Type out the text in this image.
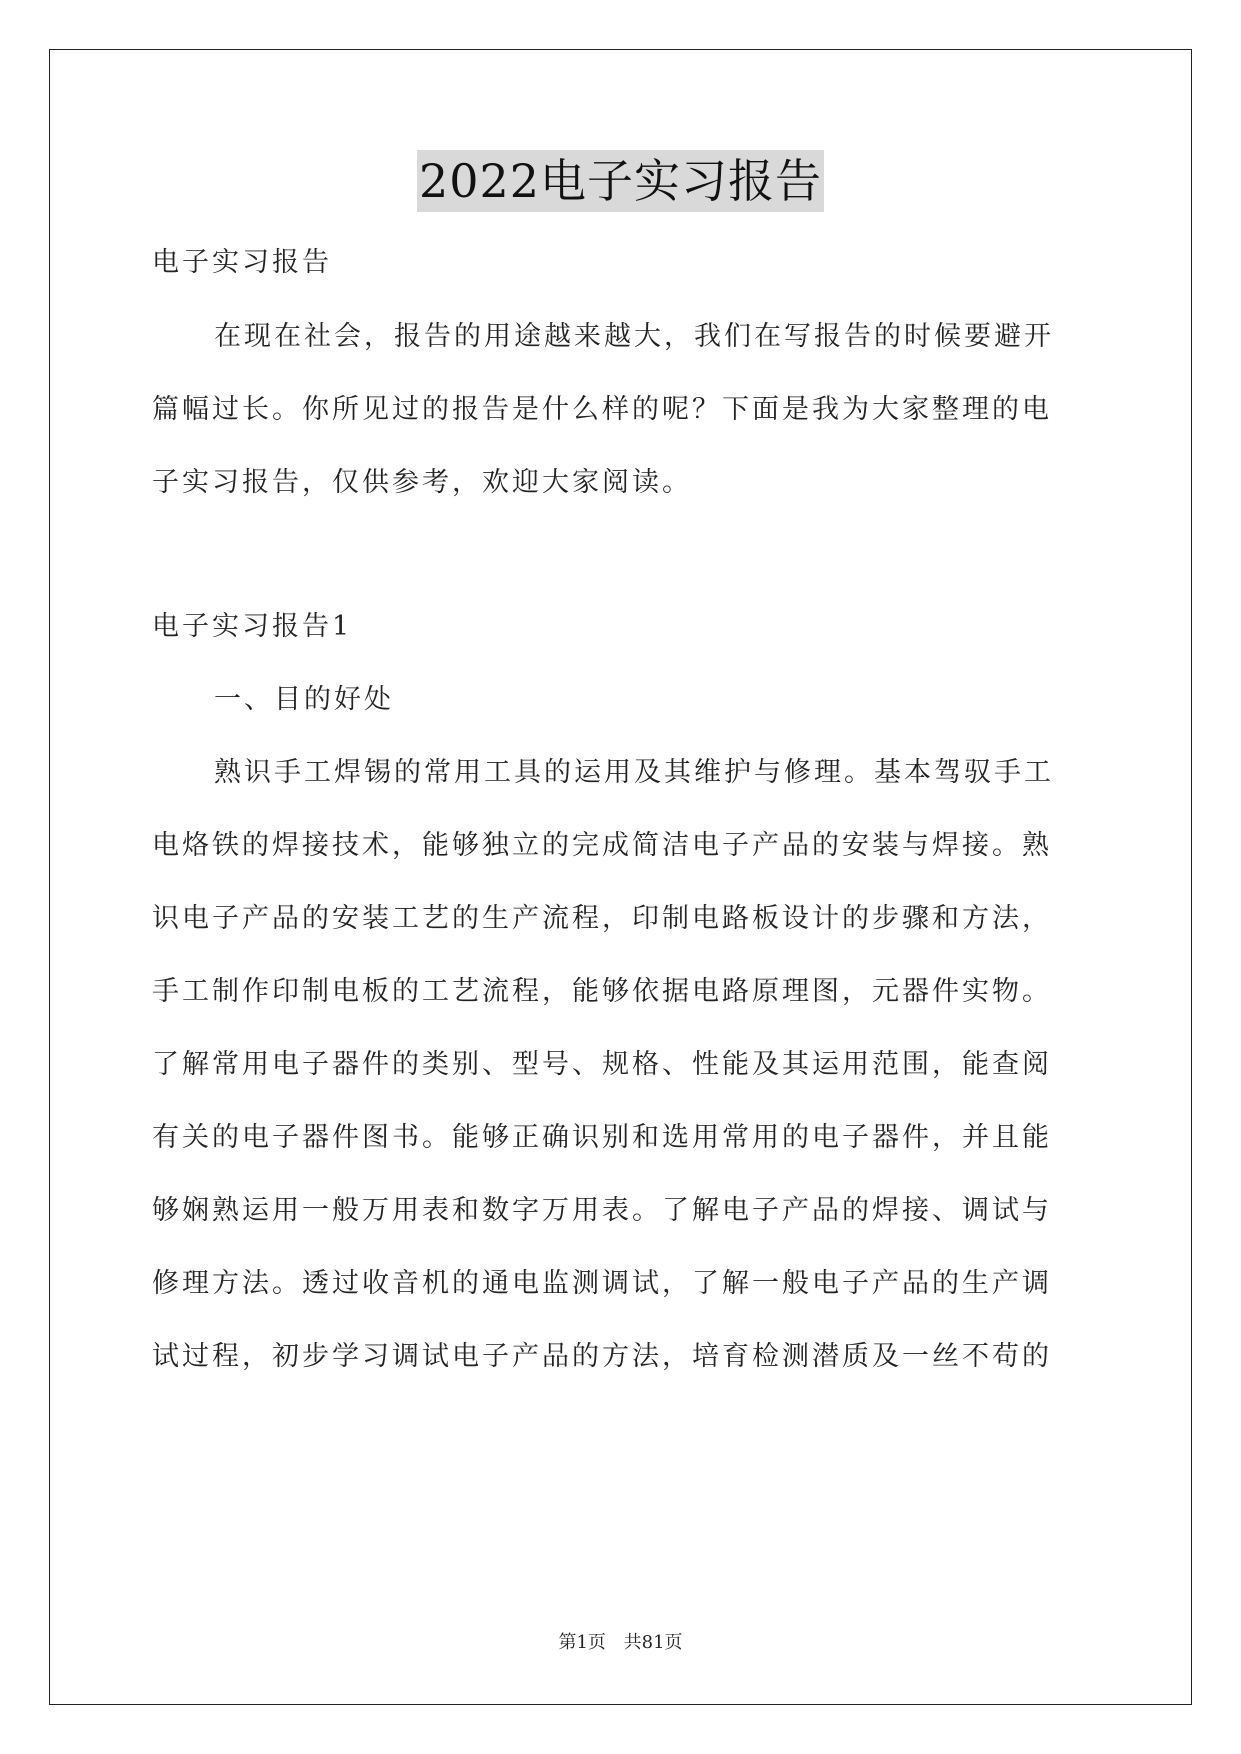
2022电子实习报告
电子实习报告
在现在社会，报告的用途越来越大，我们在写报告的时候要避开
篇幅过长。你所见过的报告是什么样的呢？下面是我为大家整理的电
子实习报告，仅供参考，欢迎大家阅读。
电子实习报告1
一、目的好处
熟识手工焊锡的常用工具的运用及其维护与修理。基本驾驭手工
电烙铁的焊接技术，能够独立的完成简洁电子产品的安装与焊接。熟
识电子产品的安装工艺的生产流程，印制电路板设计的步骤和方法，
手工制作印制电板的工艺流程，能够依据电路原理图，元器件实物。
了解常用电子器件的类别、型号、规格、性能及其运用范围，能查阅
有关的电子器件图书。能够正确识别和选用常用的电子器件，并且能
够娴熟运用一般万用表和数字万用表。了解电子产品的焊接、调试与
修理方法。透过收音机的通电监测调试，了解一般电子产品的生产调
试过程，初步学习调试电子产品的方法，培育检测潜质及一丝不苟的
第1页 共81页
